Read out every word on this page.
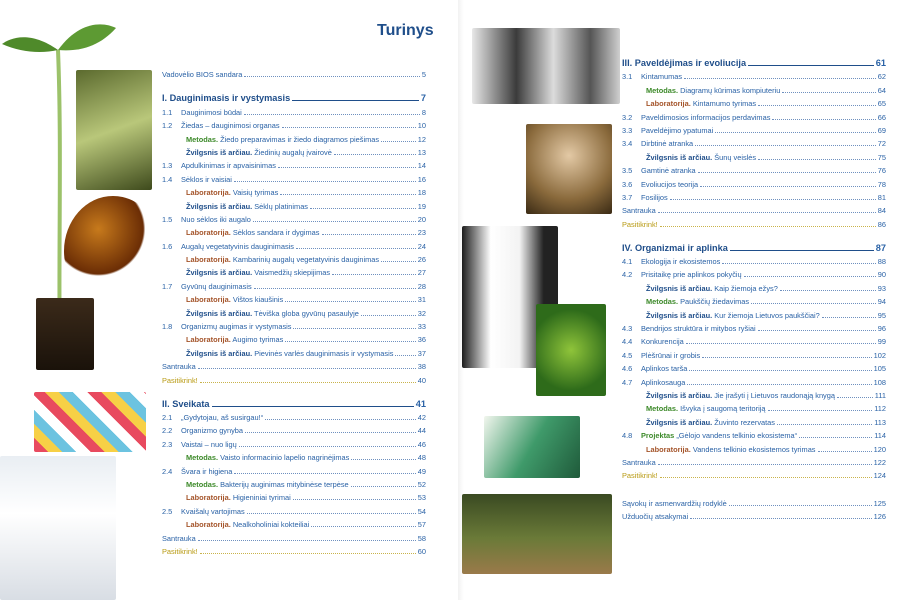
Turinys
Vadovėlio BIOS sandara	5
I. Dauginimasis ir vystymasis	7
1.1	Dauginimosi būdai	8
1.2	Žiedas – dauginimosi organas	10
Metodas. Žiedo preparavimas ir žiedo diagramos piešimas	12
Žvilgsnis iš arčiau. Žiedinių augalų įvairovė	13
1.3	Apdulkinimas ir apvaisinimas	14
1.4	Sėklos ir vaisiai	16
Laboratorija. Vaisių tyrimas	18
Žvilgsnis iš arčiau. Sėklų platinimas	19
1.5	Nuo sėklos iki augalo	20
Laboratorija. Sėklos sandara ir dygimas	23
1.6	Augalų vegetatyvinis dauginimasis	24
Laboratorija. Kambarinių augalų vegetatyvinis dauginimas	26
Žvilgsnis iš arčiau. Vaismedžių skiepijimas	27
1.7	Gyvūnų dauginimasis	28
Laboratorija. Vištos kiaušinis	31
Žvilgsnis iš arčiau. Tėviška globa gyvūnų pasaulyje	32
1.8	Organizmų augimas ir vystymasis	33
Laboratorija. Augimo tyrimas	36
Žvilgsnis iš arčiau. Pievinės varlės dauginimasis ir vystymasis	37
Santrauka	38
Pasitikrink!	40
II. Sveikata	41
2.1	„Gydytojau, aš susirgau!“	42
2.2	Organizmo gynyba	44
2.3	Vaistai – nuo ligų	46
Metodas. Vaisto informacinio lapelio nagrinėjimas	48
2.4	Švara ir higiena	49
Metodas. Bakterijų auginimas mitybinėse terpėse	52
Laboratorija. Higieniniai tyrimai	53
2.5	Kvaišalų vartojimas	54
Laboratorija. Nealkoholiniai kokteiliai	57
Santrauka	58
Pasitikrink!	60
III. Paveldėjimas ir evoliucija	61
3.1	Kintamumas	62
Metodas. Diagramų kūrimas kompiuteriu	64
Laboratorija. Kintamumo tyrimas	65
3.2	Paveldimosios informacijos perdavimas	66
3.3	Paveldėjimo ypatumai	69
3.4	Dirbtinė atranka	72
Žvilgsnis iš arčiau. Šunų veislės	75
3.5	Gamtinė atranka	76
3.6	Evoliucijos teorija	78
3.7	Fosilijos	81
Santrauka	84
Pasitikrink!	86
IV. Organizmai ir aplinka	87
4.1	Ekologija ir ekosistemos	88
4.2	Prisitaikę prie aplinkos pokyčių	90
Žvilgsnis iš arčiau. Kaip žiemoja ežys?	93
Metodas. Paukščių žiedavimas	94
Žvilgsnis iš arčiau. Kur žiemoja Lietuvos paukščiai?	95
4.3	Bendrijos struktūra ir mitybos ryšiai	96
4.4	Konkurencija	99
4.5	Plėšrūnai ir grobis	102
4.6	Aplinkos tarša	105
4.7	Aplinkosauga	108
Žvilgsnis iš arčiau. Jie įrašyti į Lietuvos raudonąją knygą	111
Metodas. Išvyka į saugomą teritoriją	112
Žvilgsnis iš arčiau. Žuvinto rezervatas	113
4.8	Projektas „Gėlojo vandens telkinio ekosistema“	114
Laboratorija. Vandens telkinio ekosistemos tyrimas	120
Santrauka	122
Pasitikrink!	124
Sąvokų ir asmenvardžių rodyklė	125
Užduočių atsakymai	126
